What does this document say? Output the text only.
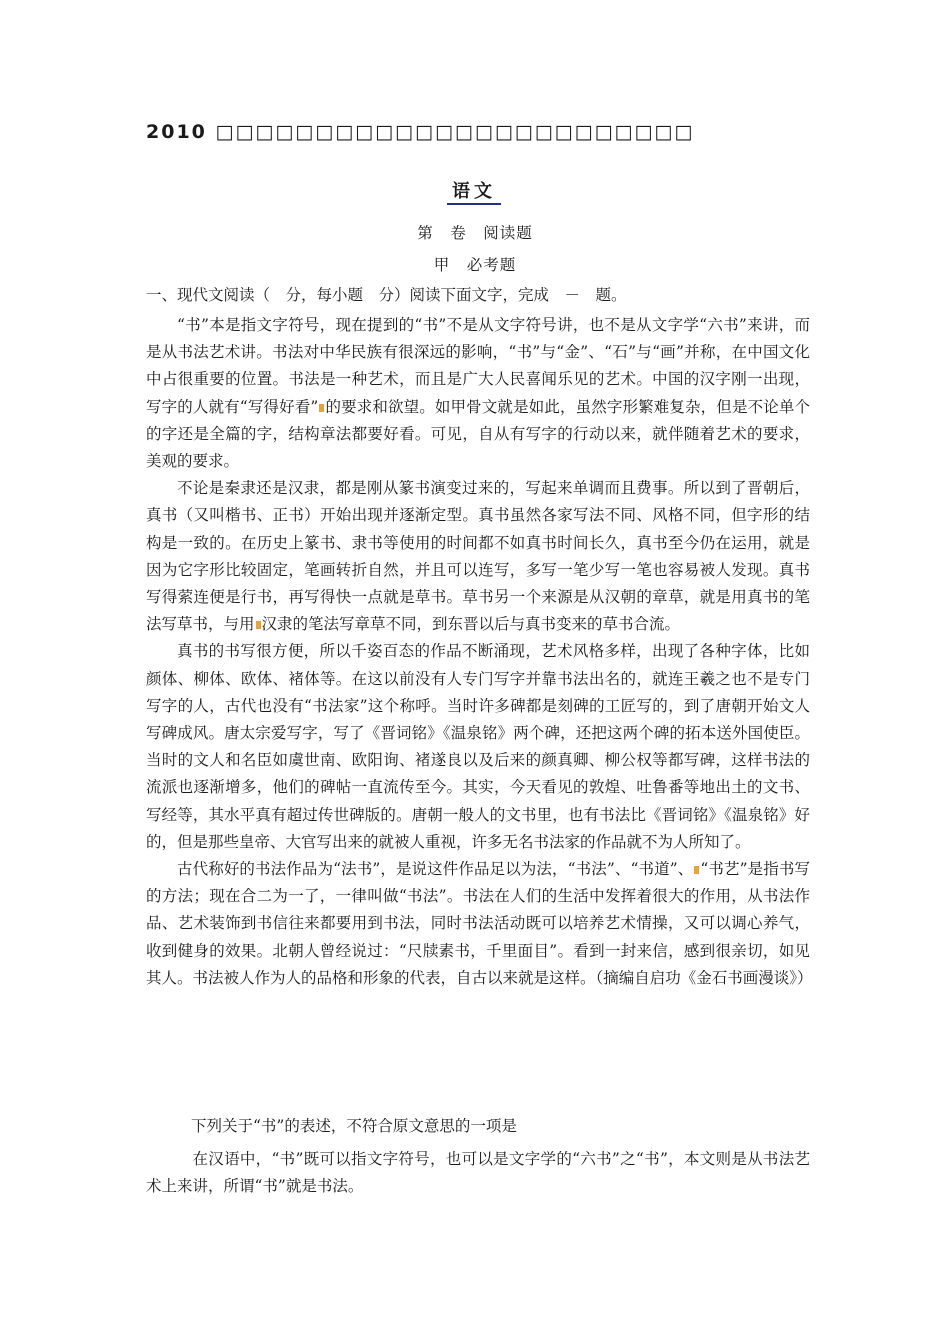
2010 □□□□□□□□□□□□□□□□□□□□□□□□
语文
第　卷　阅读题
甲　必考题

一、现代文阅读（　分，每小题　分）阅读下面文字，完成　－　题。

“书”本是指文字符号，现在提到的“书”不是从文字符号讲，也不是从文字学“六书”来讲，而是从书法艺术讲。书法对中华民族有很深远的影响，“书”与“金”、“石”与“画”并称，在中国文化中占很重要的位置。书法是一种艺术，而且是广大人民喜闻乐见的艺术。中国的汉字刚一出现，写字的人就有“写得好看” 的要求和欲望。如甲骨文就是如此，虽然字形繁难复杂，但是不论单个的字还是全篇的字，结构章法都要好看。可见，自从有写字的行动以来，就伴随着艺术的要求，美观的要求。

不论是秦隶还是汉隶，都是刚从篆书演变过来的，写起来单调而且费事。所以到了晋朝后，真书（又叫楷书、正书）开始出现并逐渐定型。真书虽然各家写法不同、风格不同，但字形的结构是一致的。在历史上篆书、隶书等使用的时间都不如真书时间长久，真书至今仍在运用，就是因为它字形比较固定，笔画转折自然，并且可以连写，多写一笔少写一笔也容易被人发现。真书写得萦连便是行书，再写得快一点就是草书。草书另一个来源是从汉朝的章草，就是用真书的笔法写草书，与用 汉隶的笔法写章草不同，到东晋以后与真书变来的草书合流。

真书的书写很方便，所以千姿百态的作品不断涌现，艺术风格多样，出现了各种字体，比如颜体、柳体、欧体、褚体等。在这以前没有人专门写字并靠书法出名的，就连王羲之也不是专门写字的人，古代也没有“书法家”这个称呼。当时许多碑都是刻碑的工匠写的，到了唐朝开始文人写碑成风。唐太宗爱写字，写了《晋词铭》《温泉铭》两个碑，还把这两个碑的拓本送外国使臣。当时的文人和名臣如虞世南、欧阳询、褚遂良以及后来的颜真卿、柳公权等都写碑，这样书法的流派也逐渐增多，他们的碑帖一直流传至今。其实，今天看见的敦煌、吐鲁番等地出土的文书、写经等，其水平真有超过传世碑版的。唐朝一般人的文书里，也有书法比《晋词铭》《温泉铭》好的，但是那些皇帝、大官写出来的就被人重视，许多无名书法家的作品就不为人所知了。

古代称好的书法作品为“法书”，是说这件作品足以为法，“书法”、“书道”、 “书艺”是指书写的方法；现在合二为一了，一律叫做“书法”。书法在人们的生活中发挥着很大的作用，从书法作品、艺术装饰到书信往来都要用到书法，同时书法活动既可以培养艺术情操，又可以调心养气，收到健身的效果。北朝人曾经说过：“尺牍素书，千里面目”。看到一封来信，感到很亲切，如见其人。书法被人作为人的品格和形象的代表，自古以来就是这样。（摘编自启功《金石书画漫谈》）

下列关于“书”的表述，不符合原文意思的一项是

在汉语中，“书”既可以指文字符号，也可以是文字学的“六书”之“书”，本文则是从书法艺术上来讲，所谓“书”就是书法。
